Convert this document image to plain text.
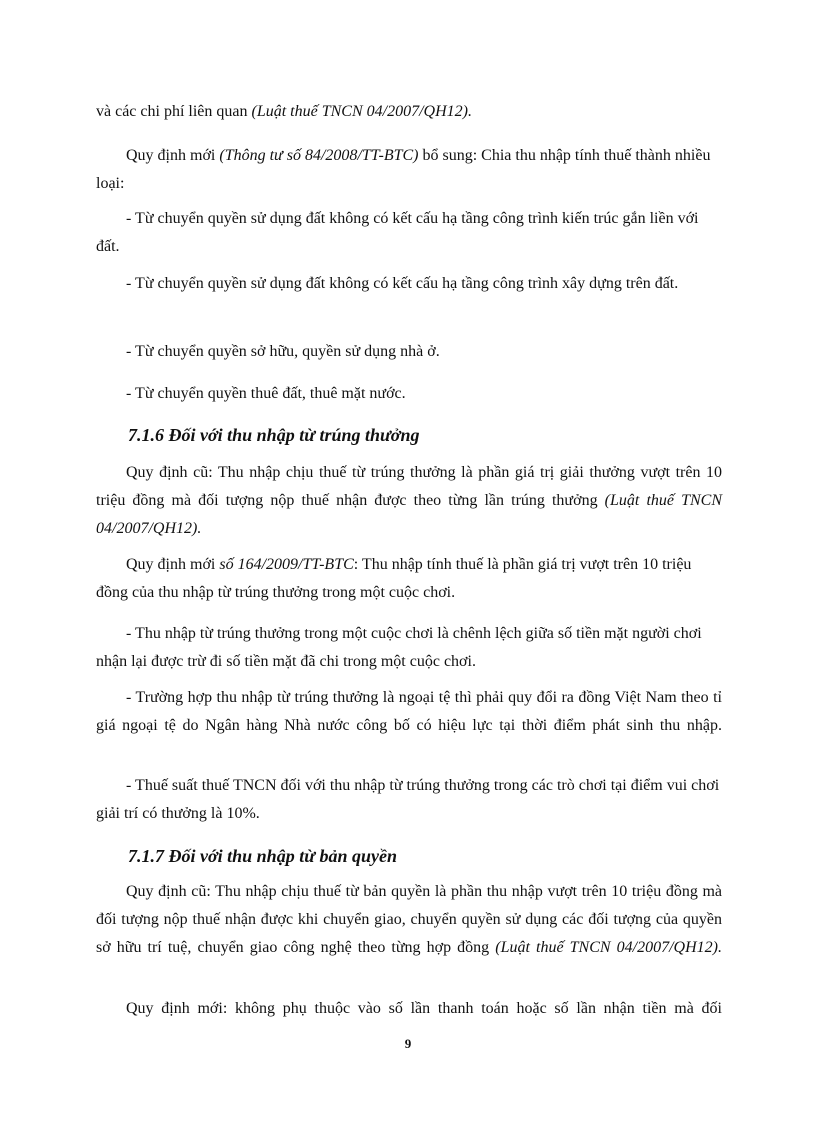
và các chi phí liên quan (Luật thuế TNCN 04/2007/QH12).

Quy định mới (Thông tư số 84/2008/TT-BTC) bổ sung: Chia thu nhập tính thuế thành nhiều loại:

- Từ chuyển quyền sử dụng đất không có kết cấu hạ tầng công trình kiến trúc gắn liền với đất.

- Từ chuyển quyền sử dụng đất không có kết cấu hạ tầng công trình xây dựng trên đất.

- Từ chuyển quyền sở hữu, quyền sử dụng nhà ở.

- Từ chuyển quyền thuê đất, thuê mặt nước.

7.1.6 Đối với thu nhập từ trúng thưởng

Quy định cũ: Thu nhập chịu thuế từ trúng thưởng là phần giá trị giải thưởng vượt trên 10 triệu đồng mà đối tượng nộp thuế nhận được theo từng lần trúng thưởng (Luật thuế TNCN 04/2007/QH12).

Quy định mới số 164/2009/TT-BTC: Thu nhập tính thuế là phần giá trị vượt trên 10 triệu đồng của thu nhập từ trúng thưởng trong một cuộc chơi.

- Thu nhập từ trúng thưởng trong một cuộc chơi là chênh lệch giữa số tiền mặt người chơi nhận lại được trừ đi số tiền mặt đã chi trong một cuộc chơi.

- Trường hợp thu nhập từ trúng thưởng là ngoại tệ thì phải quy đổi ra đồng Việt Nam theo tỉ giá ngoại tệ do Ngân hàng Nhà nước công bố có hiệu lực tại thời điểm phát sinh thu nhập.

- Thuế suất thuế TNCN đối với thu nhập từ trúng thưởng trong các trò chơi tại điểm vui chơi giải trí có thưởng là 10%.

7.1.7 Đối với thu nhập từ bản quyền

Quy định cũ: Thu nhập chịu thuế từ bản quyền là phần thu nhập vượt trên 10 triệu đồng mà đối tượng nộp thuế nhận được khi chuyển giao, chuyển quyền sử dụng các đối tượng của quyền sở hữu trí tuệ, chuyển giao công nghệ theo từng hợp đồng (Luật thuế TNCN 04/2007/QH12).

Quy định mới: không phụ thuộc vào số lần thanh toán hoặc số lần nhận tiền mà đối

9
